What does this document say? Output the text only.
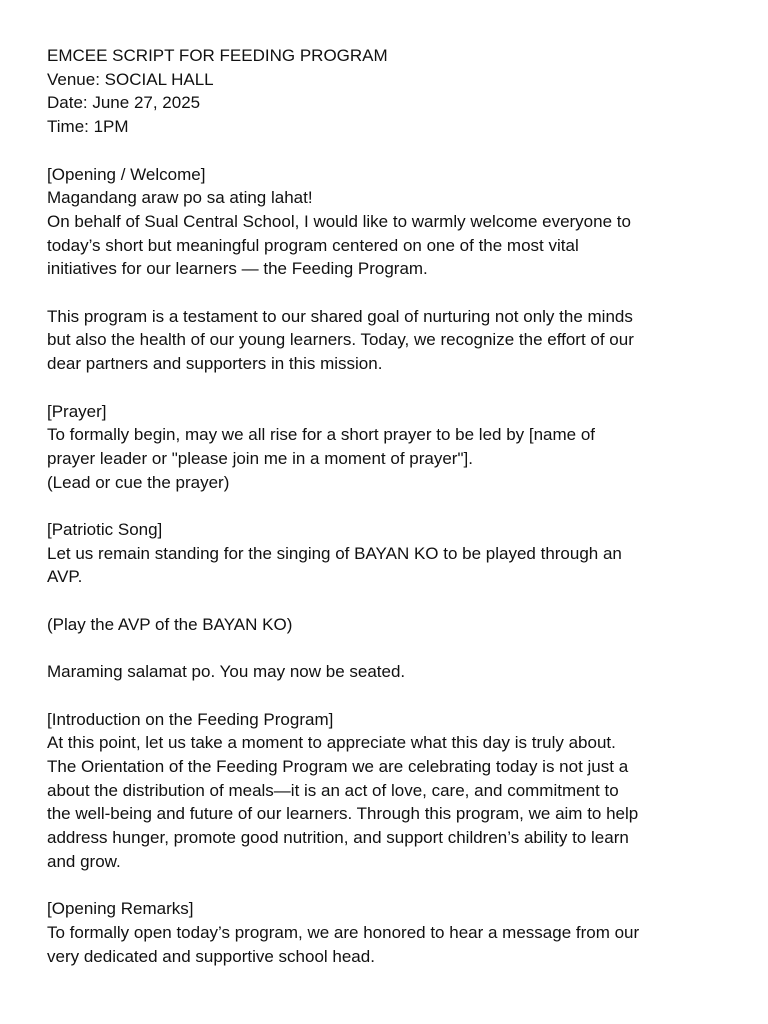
EMCEE SCRIPT FOR FEEDING PROGRAM
Venue: SOCIAL HALL
Date: June 27, 2025
Time: 1PM
[Opening / Welcome]
Magandang araw po sa ating lahat!
On behalf of Sual Central School, I would like to warmly welcome everyone to
today’s short but meaningful program centered on one of the most vital
initiatives for our learners — the Feeding Program.
This program is a testament to our shared goal of nurturing not only the minds
but also the health of our young learners. Today, we recognize the effort of our
dear partners and supporters in this mission.
[Prayer]
To formally begin, may we all rise for a short prayer to be led by [name of
prayer leader or "please join me in a moment of prayer"].
(Lead or cue the prayer)
[Patriotic Song]
Let us remain standing for the singing of BAYAN KO to be played through an
AVP.
(Play the AVP of the BAYAN KO)
Maraming salamat po. You may now be seated.
[Introduction on the Feeding Program]
At this point, let us take a moment to appreciate what this day is truly about.
The Orientation of the Feeding Program we are celebrating today is not just a
about the distribution of meals—it is an act of love, care, and commitment to
the well-being and future of our learners. Through this program, we aim to help
address hunger, promote good nutrition, and support children’s ability to learn
and grow.
[Opening Remarks]
To formally open today’s program, we are honored to hear a message from our
very dedicated and supportive school head.
